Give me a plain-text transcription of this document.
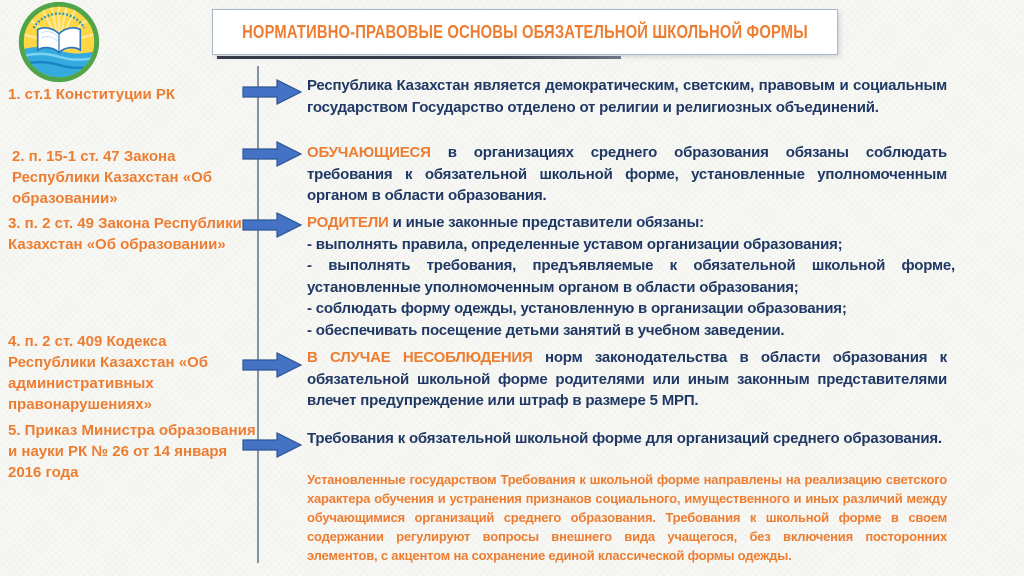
НОРМАТИВНО-ПРАВОВЫЕ ОСНОВЫ ОБЯЗАТЕЛЬНОЙ ШКОЛЬНОЙ ФОРМЫ
1. ст.1 Конституции РК
2. п. 15-1 ст. 47 Закона Республики Казахстан «Об образовании»
3. п. 2 ст. 49 Закона Республики Казахстан «Об образовании»
4. п. 2 ст. 409 Кодекса Республики Казахстан «Об административных правонарушениях»
5. Приказ Министра образования и науки РК № 26 от 14 января 2016 года
Республика Казахстан является демократическим, светским, правовым и социальным государством Государство отделено от религии и религиозных объединений.
ОБУЧАЮЩИЕСЯ в организациях среднего образования обязаны соблюдать требования к обязательной школьной форме, установленные уполномоченным органом в области образования.
РОДИТЕЛИ и иные законные представители обязаны:
- выполнять правила, определенные уставом организации образования;
- выполнять требования, предъявляемые к обязательной школьной форме, установленные уполномоченным органом в области образования;
- соблюдать форму одежды, установленную в организации образования;
- обеспечивать посещение детьми занятий в учебном заведении.
В СЛУЧАЕ НЕСОБЛЮДЕНИЯ норм законодательства в области образования к обязательной школьной форме родителями или иным законным представителями влечет предупреждение или штраф в размере 5 МРП.
Требования к обязательной школьной форме для организаций среднего образования.
Установленные государством Требования к школьной форме направлены на реализацию светского характера обучения и устранения признаков социального, имущественного и иных различий между обучающимися организаций среднего образования. Требования к школьной форме в своем содержании регулируют вопросы внешнего вида учащегося, без включения посторонних элементов, с акцентом на сохранение единой классической формы одежды.
